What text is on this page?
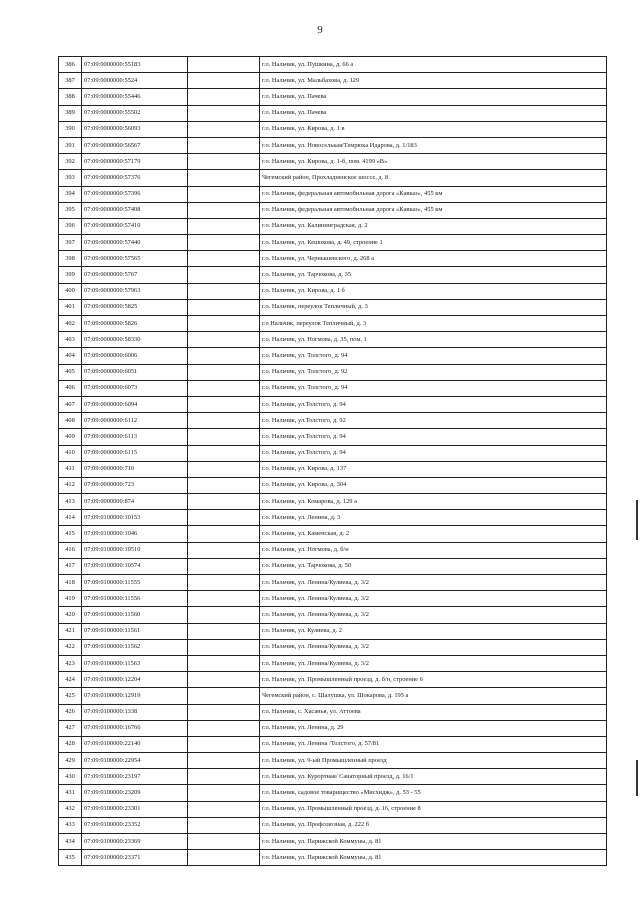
9
386	07:09:0000000:55183		г.о. Нальчик, ул. Пушкина, д. 66 а
387	07:09:0000000:5524		г.о. Нальчик, ул. Мальбахова, д. 129
388	07:09:0000000:55446		г.о. Нальчик, ул. Пачева
389	07:09:0000000:55502		г.о. Нальчик, ул. Пачева
390	07:09:0000000:56093		г.о. Нальчик, ул. Кирова, д. 1 в
391	07:09:0000000:56567		г.о. Нальчик, ул. Новоселькая/Темрюка Идарова, д. 1/183
392	07:09:0000000:57179		г.о. Нальчик, ул. Кирова, д. 1-б, пом. 4199 «В»
393	07:09:0000000:57376		Чегемский район, Прохладненское шоссе, д. 8
394	07:09:0000000:57396		г.о. Нальчик, федеральная автомобильная дорога «Кавказ», 455 км
395	07:09:0000000:57408		г.о. Нальчик, федеральная автомобильная дорога «Кавказ», 455 км
396	07:09:0000000:57410		г.о. Нальчик, ул. Калининградская, д. 2
397	07:09:0000000:57440		г.о. Нальчик, ул. Кешокова, д. 49, строение 1
398	07:09:0000000:57565		г.о. Нальчик, ул. Чернышевского, д. 268 а
399	07:09:0000000:5767		г.о. Нальчик, ул. Тарчокова, д. 35
400	07:09:0000000:57963		г.о. Нальчик, ул. Кирова, д. 1 б
401	07:09:0000000:5825		г.о. Нальчик, переулок Тепличный, д. 3
402	07:09:0000000:5826		г.о Нальчик, переулок Тепличный, д. 3
403	07:09:0000000:58330		г.о. Нальчик, ул. Ногмова, д. 35, пом. 1
404	07:09:0000000:6006		г.о. Нальчик, ул. Толстого, д. 94
405	07:09:0000000:6051		г.о. Нальчик, ул. Толстого, д. 92
406	07:09:0000000:6073		г.о. Нальчик, ул. Толстого, д. 94
407	07:09:0000000:6094		г.о. Нальчик, ул.Толстого, д. 94
408	07:09:0000000:6112		г.о. Нальчик, ул.Толстого, д. 92
409	07:09:0000000:6113		г.о. Нальчик, ул.Толстого, д. 94
410	07:09:0000000:6115		г.о. Нальчик, ул.Толстого, д. 94
411	07:09:0000000:710		г.о. Нальчик, ул. Кирова, д. 137
412	07:09:0000000:723		г.о. Нальчик, ул. Кирова, д. 304
413	07:09:0000000:874		г.о. Нальчик, ул. Комарова, д. 129 а
414	07:09:0100000:10153		г.о. Нальчик, ул. Ленина, д. 3
415	07:09:0100000:1046		г.о. Нальчик, ул. Каменская, д. 2
416	07:09:0100000:10510		г.о. Нальчик, ул. Ногмова, д. б/н
417	07:09:0100000:10574		г.о. Нальчик, ул. Тарчокова, д. 50
418	07:09:0100000:11555		г.о. Нальчик, ул. Ленина/Кулиева, д. 3/2
419	07:09:0100000:11556		г.о. Нальчик, ул. Ленина/Кулиева, д. 3/2
420	07:09:0100000:11560		г.о. Нальчик, ул. Ленина/Кулиева, д. 3/2
421	07:09:0100000:11561		г.о. Нальчик, ул. Кулиева, д. 2
422	07:09:0100000:11562		г.о. Нальчик, ул. Ленина/Кулиева, д. 3/2
423	07:09:0100000:11563		г.о. Нальчик, ул. Ленина/Кулиева, д. 3/2
424	07:09:0100000:12204		г.о. Нальчик, ул. Промышленный проезд, д. б/н, строение 6
425	07:09:0100000:12919		Чегемский район, с. Шалушка, ул. Шокарова, д. 195 а
426	07:09:0100000:1338		г.о. Нальчик, с. Хасанья, ул. Аттоева
427	07:09:0100000:16766		г.о. Нальчик, ул. Ленина, д. 29
428	07:09:0100000:22140		г.о. Нальчик, ул. Ленина /Толстого, д. 57/81
429	07:09:0100000:22954		г.о. Нальчик, ул. 9-ый Промышленный проезд
430	07:09:0100000:23197		г.о. Нальчик, ул. Курортная/ Санаторный проезд, д. 16/1
431	07:09:0100000:23209		г.о. Нальчик, садовое товарищество «Мисхидж», д. 53 - 55
432	07:09:0100000:23301		г.о. Нальчик, ул. Промышленный проезд, д. 16, строение 8
433	07:09:0100000:23352		г.о. Нальчик, ул. Профсоюзная, д. 222 б
434	07:09:0100000:23369		г.о. Нальчик, ул. Парижской Коммуны, д. 81
435	07:09:0100000:23371		г.о. Нальчик, ул. Парижской Коммуны, д. 81
